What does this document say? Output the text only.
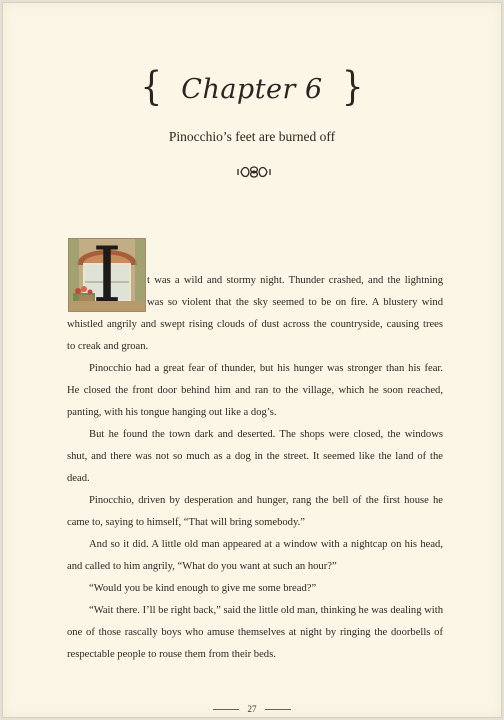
{ Chapter 6 }
Pinocchio’s feet are burned off
I	t was a wild and stormy night. Thunder crashed, and the lightning
was so violent that the sky seemed to be on fire. A blustery wind
whistled angrily and swept rising clouds of dust across the countryside, causing trees
to creak and groan.
Pinocchio had a great fear of thunder, but his hunger was stronger than his fear.
He closed the front door behind him and ran to the village, which he soon reached,
panting, with his tongue hanging out like a dog’s.
But he found the town dark and deserted. The shops were closed, the windows
shut, and there was not so much as a dog in the street. It seemed like the land of the
dead.
Pinocchio, driven by desperation and hunger, rang the bell of the first house he
came to, saying to himself, “That will bring somebody.”
And so it did. A little old man appeared at a window with a nightcap on his head,
and called to him angrily, “What do you want at such an hour?”
“Would you be kind enough to give me some bread?”
“Wait there. I’ll be right back,” said the little old man, thinking he was dealing with
one of those rascally boys who amuse themselves at night by ringing the doorbells of
respectable people to rouse them from their beds.
27
